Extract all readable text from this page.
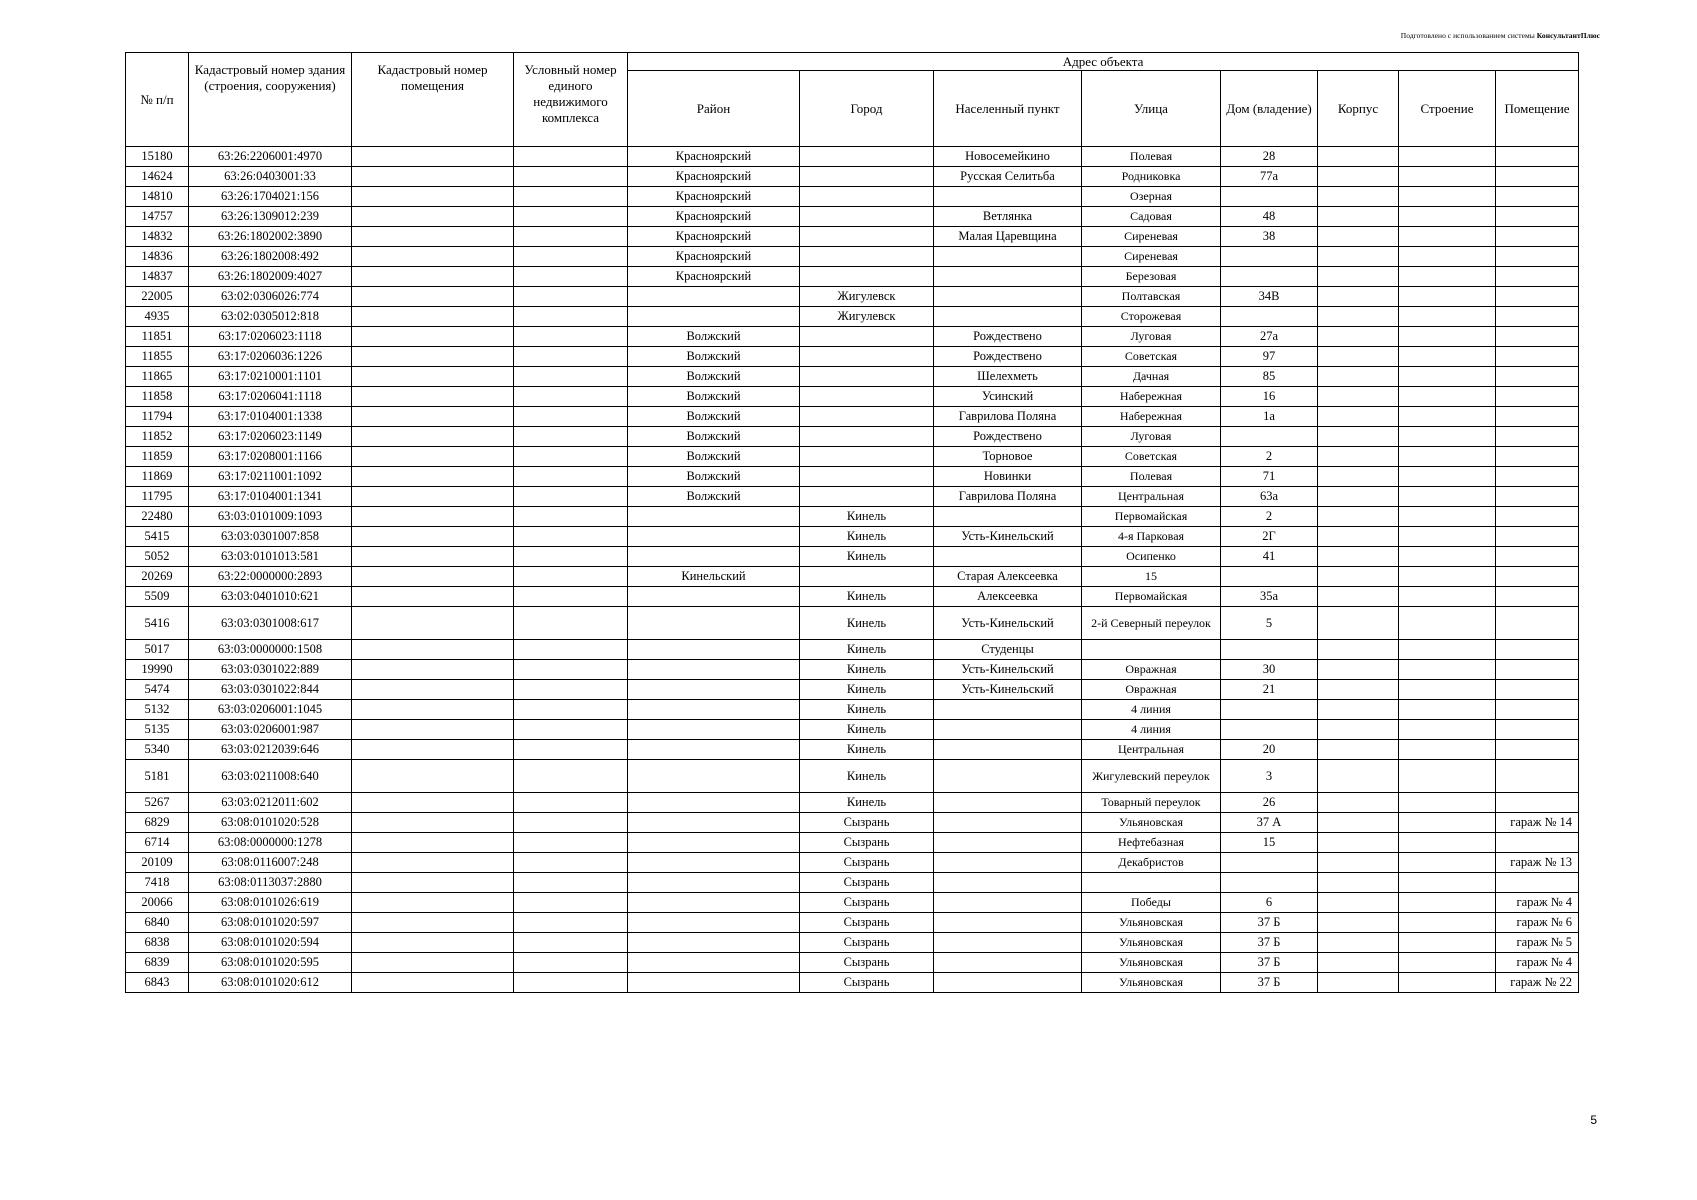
Подготовлено с использованием системы КонсультантПлюс
№ п/п	Кадастровый номер здания (строения, сооружения)	Кадастровый номер помещения	Условный номер единого недвижимого комплекса	Адрес объекта							
				Район	Город	Населенный пункт	Улица	Дом (владение)	Корпус	Строение	Помещение
15180	63:26:2206001:4970			Красноярский		Новосемейкино	Полевая	28			
14624	63:26:0403001:33			Красноярский		Русская Селитьба	Родниковка	77а			
14810	63:26:1704021:156			Красноярский			Озерная				
14757	63:26:1309012:239			Красноярский		Ветлянка	Садовая	48			
14832	63:26:1802002:3890			Красноярский		Малая Царевщина	Сиреневая	38			
14836	63:26:1802008:492			Красноярский			Сиреневая				
14837	63:26:1802009:4027			Красноярский			Березовая				
22005	63:02:0306026:774				Жигулевск		Полтавская	34В			
4935	63:02:0305012:818				Жигулевск		Сторожевая				
11851	63:17:0206023:1118			Волжский		Рождествено	Луговая	27а			
11855	63:17:0206036:1226			Волжский		Рождествено	Советская	97			
11865	63:17:0210001:1101			Волжский		Шелехметь	Дачная	85			
11858	63:17:0206041:1118			Волжский		Усинский	Набережная	16			
11794	63:17:0104001:1338			Волжский		Гаврилова Поляна	Набережная	1а			
11852	63:17:0206023:1149			Волжский		Рождествено	Луговая				
11859	63:17:0208001:1166			Волжский		Торновое	Советская	2			
11869	63:17:0211001:1092			Волжский		Новинки	Полевая	71			
11795	63:17:0104001:1341			Волжский		Гаврилова Поляна	Центральная	63а			
22480	63:03:0101009:1093				Кинель		Первомайская	2			
5415	63:03:0301007:858				Кинель	Усть-Кинельский	4-я Парковая	2Г			
5052	63:03:0101013:581				Кинель		Осипенко	41			
20269	63:22:0000000:2893			Кинельский		Старая Алексеевка	15				
5509	63:03:0401010:621				Кинель	Алексеевка	Первомайская	35а			
5416	63:03:0301008:617				Кинель	Усть-Кинельский	2-й Северный переулок	5			
5017	63:03:0000000:1508				Кинель	Студенцы					
19990	63:03:0301022:889				Кинель	Усть-Кинельский	Овражная	30			
5474	63:03:0301022:844				Кинель	Усть-Кинельский	Овражная	21			
5132	63:03:0206001:1045				Кинель		4 линия				
5135	63:03:0206001:987				Кинель		4 линия				
5340	63:03:0212039:646				Кинель		Центральная	20			
5181	63:03:0211008:640				Кинель		Жигулевский переулок	3			
5267	63:03:0212011:602				Кинель		Товарный переулок	26			
6829	63:08:0101020:528				Сызрань		Ульяновская	37 А			гараж № 14
6714	63:08:0000000:1278				Сызрань		Нефтебазная	15			
20109	63:08:0116007:248				Сызрань		Декабристов				гараж № 13
7418	63:08:0113037:2880				Сызрань						
20066	63:08:0101026:619				Сызрань		Победы	6			гараж № 4
6840	63:08:0101020:597				Сызрань		Ульяновская	37 Б			гараж № 6
6838	63:08:0101020:594				Сызрань		Ульяновская	37 Б			гараж № 5
6839	63:08:0101020:595				Сызрань		Ульяновская	37 Б			гараж № 4
6843	63:08:0101020:612				Сызрань		Ульяновская	37 Б			гараж № 22
5
